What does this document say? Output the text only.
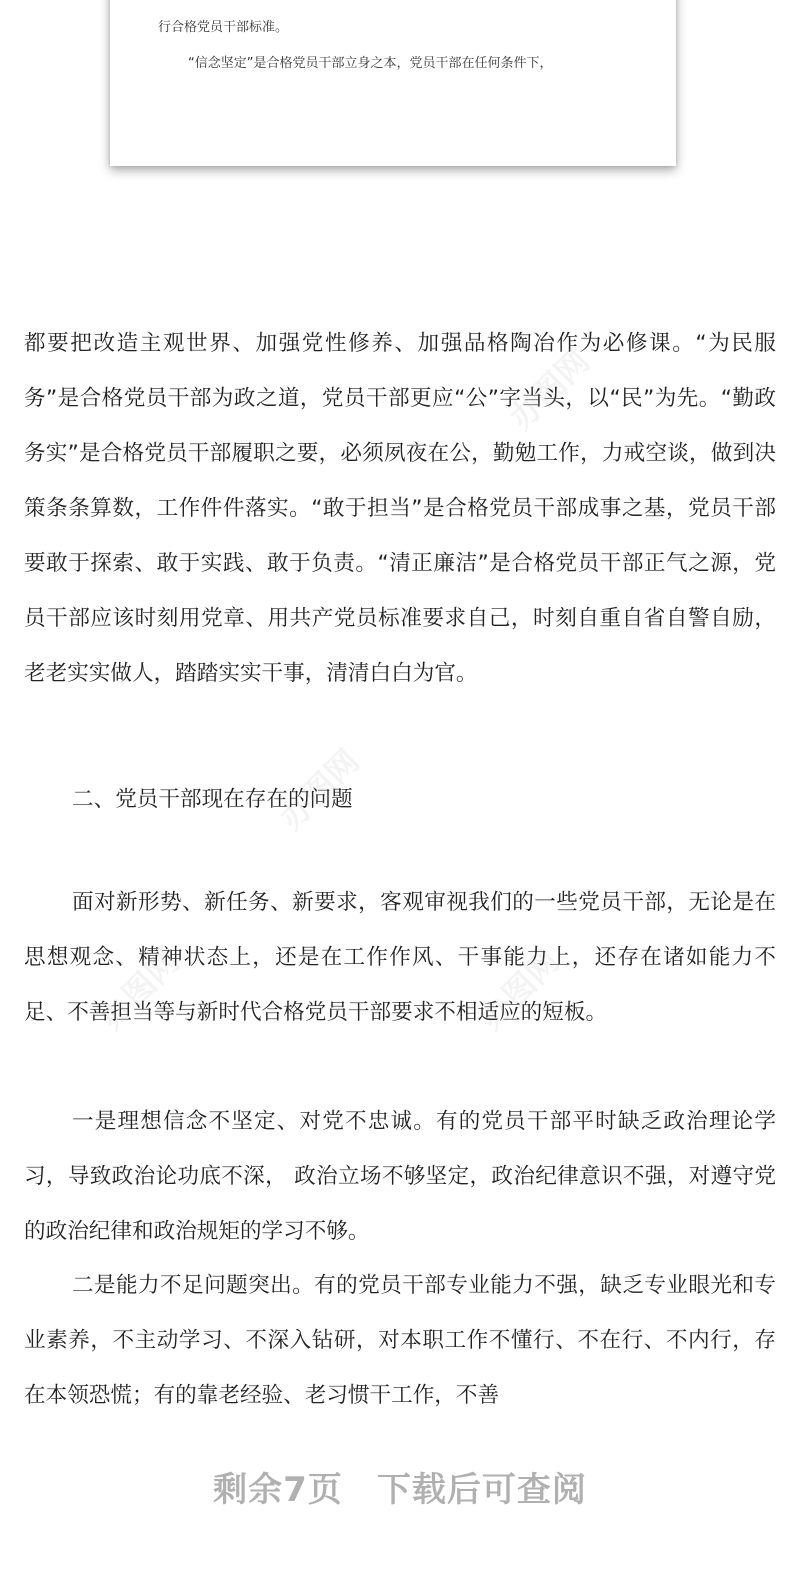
行合格党员干部标准。
“信念坚定”是合格党员干部立身之本，党员干部在任何条件下，
都要把改造主观世界、加强党性修养、加强品格陶冶作为必修课。“为民服务”是合格党员干部为政之道，党员干部更应“公”字当头，以“民”为先。“勤政务实”是合格党员干部履职之要，必须夙夜在公，勤勉工作，力戒空谈，做到决策条条算数，工作件件落实。“敢于担当”是合格党员干部成事之基，党员干部要敢于探索、敢于实践、敢于负责。“清正廉洁”是合格党员干部正气之源，党员干部应该时刻用党章、用共产党员标准要求自己，时刻自重自省自警自励，老老实实做人，踏踏实实干事，清清白白为官。
二、党员干部现在存在的问题
面对新形势、新任务、新要求，客观审视我们的一些党员干部，无论是在思想观念、精神状态上，还是在工作作风、干事能力上，还存在诸如能力不足、不善担当等与新时代合格党员干部要求不相适应的短板。
一是理想信念不坚定、对党不忠诚。有的党员干部平时缺乏政治理论学习，导致政治论功底不深， 政治立场不够坚定，政治纪律意识不强，对遵守党的政治纪律和政治规矩的学习不够。
二是能力不足问题突出。有的党员干部专业能力不强，缺乏专业眼光和专业素养，不主动学习、不深入钻研，对本职工作不懂行、不在行、不内行，存在本领恐慌；有的靠老经验、老习惯干工作，不善
办图网
办图网
办图网
办图网
剩余7页 下载后可查阅
